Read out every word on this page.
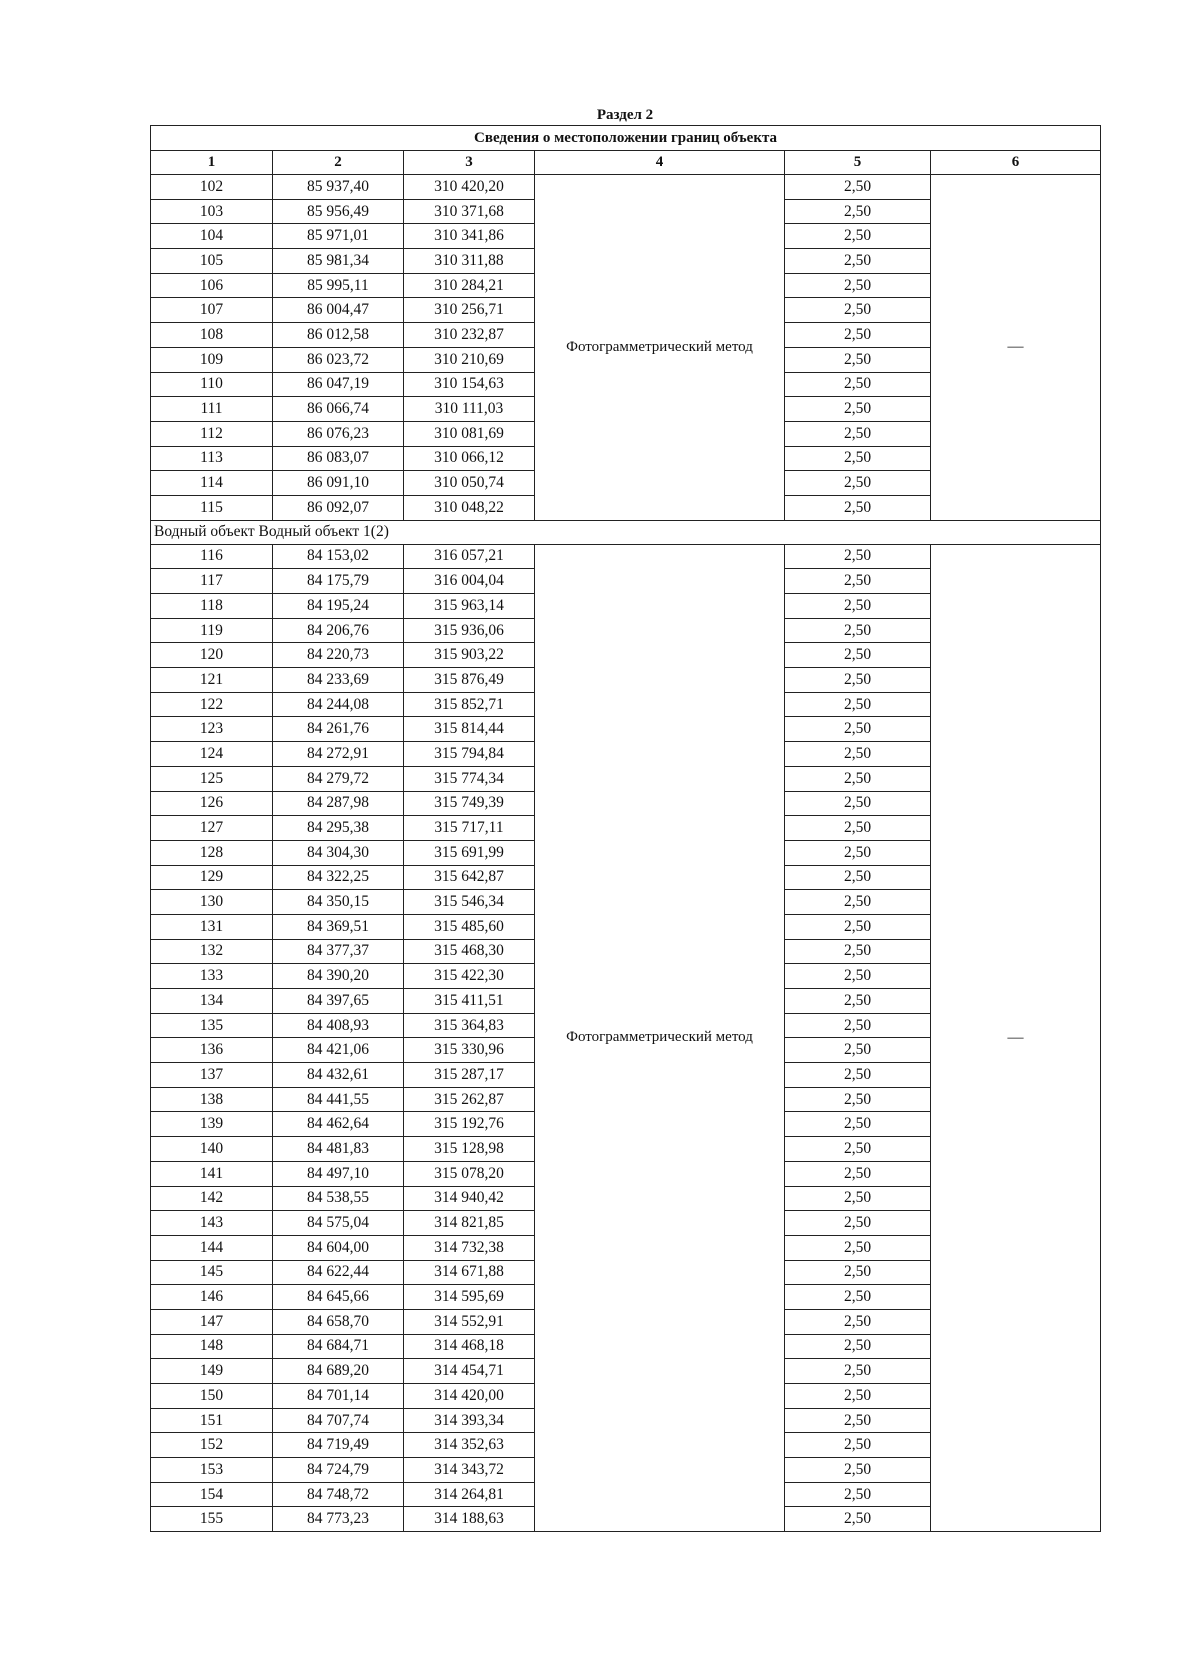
Раздел 2
Сведения о местоположении границ объекта					
1	2	3	4	5	6
102	85 937,40	310 420,20	Фотограмметрический метод	2,50	—
103	85 956,49	310 371,68		2,50	
104	85 971,01	310 341,86		2,50	
105	85 981,34	310 311,88		2,50	
106	85 995,11	310 284,21		2,50	
107	86 004,47	310 256,71		2,50	
108	86 012,58	310 232,87		2,50	
109	86 023,72	310 210,69		2,50	
110	86 047,19	310 154,63		2,50	
111	86 066,74	310 111,03		2,50	
112	86 076,23	310 081,69		2,50	
113	86 083,07	310 066,12		2,50	
114	86 091,10	310 050,74		2,50	
115	86 092,07	310 048,22		2,50	
Водный объект Водный объект 1(2)					
116	84 153,02	316 057,21	Фотограмметрический метод	2,50	—
117	84 175,79	316 004,04		2,50	
118	84 195,24	315 963,14		2,50	
119	84 206,76	315 936,06		2,50	
120	84 220,73	315 903,22		2,50	
121	84 233,69	315 876,49		2,50	
122	84 244,08	315 852,71		2,50	
123	84 261,76	315 814,44		2,50	
124	84 272,91	315 794,84		2,50	
125	84 279,72	315 774,34		2,50	
126	84 287,98	315 749,39		2,50	
127	84 295,38	315 717,11		2,50	
128	84 304,30	315 691,99		2,50	
129	84 322,25	315 642,87		2,50	
130	84 350,15	315 546,34		2,50	
131	84 369,51	315 485,60		2,50	
132	84 377,37	315 468,30		2,50	
133	84 390,20	315 422,30		2,50	
134	84 397,65	315 411,51		2,50	
135	84 408,93	315 364,83		2,50	
136	84 421,06	315 330,96		2,50	
137	84 432,61	315 287,17		2,50	
138	84 441,55	315 262,87		2,50	
139	84 462,64	315 192,76		2,50	
140	84 481,83	315 128,98		2,50	
141	84 497,10	315 078,20		2,50	
142	84 538,55	314 940,42		2,50	
143	84 575,04	314 821,85		2,50	
144	84 604,00	314 732,38		2,50	
145	84 622,44	314 671,88		2,50	
146	84 645,66	314 595,69		2,50	
147	84 658,70	314 552,91		2,50	
148	84 684,71	314 468,18		2,50	
149	84 689,20	314 454,71		2,50	
150	84 701,14	314 420,00		2,50	
151	84 707,74	314 393,34		2,50	
152	84 719,49	314 352,63		2,50	
153	84 724,79	314 343,72		2,50	
154	84 748,72	314 264,81		2,50	
155	84 773,23	314 188,63		2,50	
